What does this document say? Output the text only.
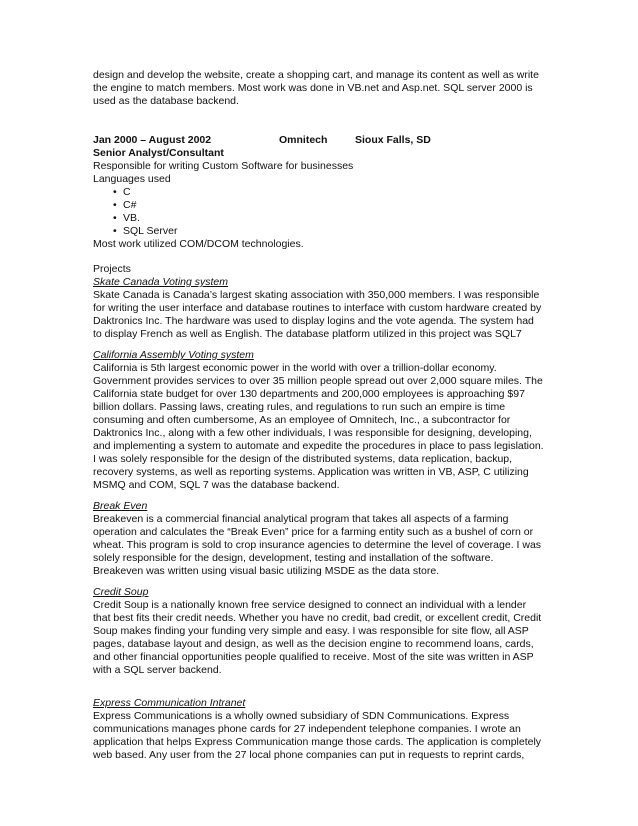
design and develop the website, create a shopping cart, and manage its content as well as write the engine to match members. Most work was done in VB.net and Asp.net. SQL server 2000 is used as the database backend.

Jan 2000 – August 2002	Omnitech	Sioux Falls, SD

Senior Analyst/Consultant

Responsible for writing Custom Software for businesses

Languages used

• C
• C#
• VB.
• SQL Server

Most work utilized COM/DCOM technologies.

Projects

Skate Canada Voting system

Skate Canada is Canada’s largest skating association with 350,000 members. I was responsible for writing the user interface and database routines to interface with custom hardware created by Daktronics Inc. The hardware was used to display logins and the vote agenda. The system had to display French as well as English. The database platform utilized in this project was SQL7

California Assembly Voting system

California is 5th largest economic power in the world with over a trillion-dollar economy. Government provides services to over 35 million people spread out over 2,000 square miles. The California state budget for over 130 departments and 200,000 employees is approaching $97 billion dollars. Passing laws, creating rules, and regulations to run such an empire is time consuming and often cumbersome, As an employee of Omnitech, Inc., a subcontractor for Daktronics Inc., along with a few other individuals, I was responsible for designing, developing, and implementing a system to automate and expedite the procedures in place to pass legislation. I was solely responsible for the design of the distributed systems, data replication, backup, recovery systems, as well as reporting systems. Application was written in VB, ASP, C utilizing MSMQ and COM, SQL 7 was the database backend.

Break Even

Breakeven is a commercial financial analytical program that takes all aspects of a farming operation and calculates the “Break Even” price for a farming entity such as a bushel of corn or wheat. This program is sold to crop insurance agencies to determine the level of coverage. I was solely responsible for the design, development, testing and installation of the software. Breakeven was written using visual basic utilizing MSDE as the data store.

Credit Soup

Credit Soup is a nationally known free service designed to connect an individual with a lender that best fits their credit needs. Whether you have no credit, bad credit, or excellent credit, Credit Soup makes finding your funding very simple and easy. I was responsible for site flow, all ASP pages, database layout and design, as well as the decision engine to recommend loans, cards, and other financial opportunities people qualified to receive. Most of the site was written in ASP with a SQL server backend.

Express Communication Intranet

Express Communications is a wholly owned subsidiary of SDN Communications. Express communications manages phone cards for 27 independent telephone companies. I wrote an application that helps Express Communication mange those cards. The application is completely web based. Any user from the 27 local phone companies can put in requests to reprint cards,
